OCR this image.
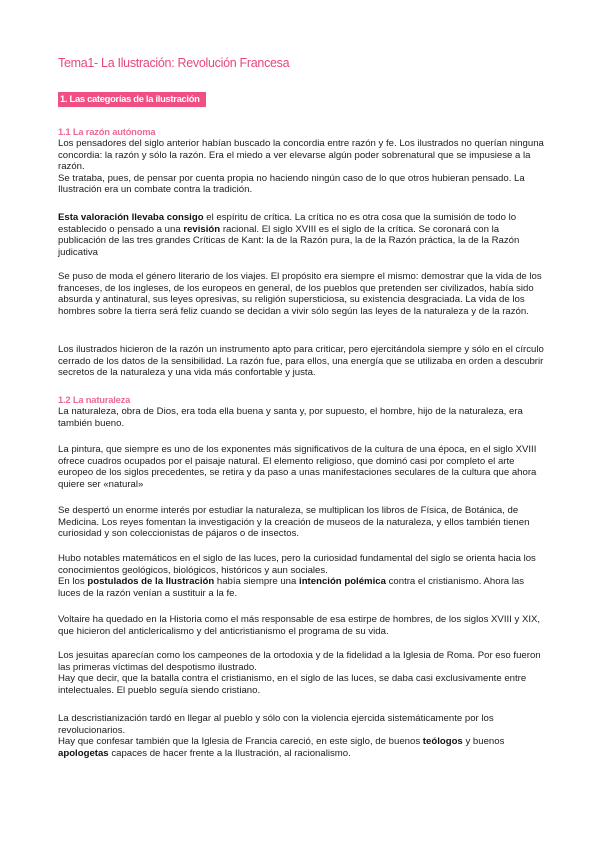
Tema1- La Ilustración: Revolución Francesa
1. Las categorías de la ilustración
1.1 La razón autónoma

Los pensadores del siglo anterior habían buscado la concordia entre razón y fe. Los ilustrados no querían ninguna concordia: la razón y sólo la razón. Era el miedo a ver elevarse algún poder sobrenatural que se impusiese a la razón.

Se trataba, pues, de pensar por cuenta propia no haciendo ningún caso de lo que otros hubieran pensado. La Ilustración era un combate contra la tradición.

Esta valoración llevaba consigo el espíritu de crítica. La crítica no es otra cosa que la sumisión de todo lo establecido o pensado a una revisión racional. El siglo XVIII es el siglo de la crítica. Se coronará con la publicación de las tres grandes Críticas de Kant: la de la Razón pura, la de la Razón práctica, la de la Razón judicativa

Se puso de moda el género literario de los viajes. El propósito era siempre el mismo: demostrar que la vida de los franceses, de los ingleses, de los europeos en general, de los pueblos que pretenden ser civilizados, había sido absurda y antinatural, sus leyes opresivas, su religión supersticiosa, su existencia desgraciada. La vida de los hombres sobre la tierra será feliz cuando se decidan a vivir sólo según las leyes de la naturaleza y de la razón.

Los ilustrados hicieron de la razón un instrumento apto para criticar, pero ejercitándola siempre y sólo en el círculo cerrado de los datos de la sensibilidad. La razón fue, para ellos, una energía que se utilizaba en orden a descubrir secretos de la naturaleza y una vida más confortable y justa.

1.2 La naturaleza

La naturaleza, obra de Dios, era toda ella buena y santa y, por supuesto, el hombre, hijo de la naturaleza, era también bueno.

La pintura, que siempre es uno de los exponentes más significativos de la cultura de una época, en el siglo XVIII ofrece cuadros ocupados por el paisaje natural. El elemento religioso, que dominó casi por completo el arte europeo de los siglos precedentes, se retira y da paso a unas manifestaciones seculares de la cultura que ahora quiere ser «natural»

Se despertó un enorme interés por estudiar la naturaleza, se multiplican los libros de Física, de Botánica, de Medicina. Los reyes fomentan la investigación y la creación de museos de la naturaleza, y ellos también tienen curiosidad y son coleccionistas de pájaros o de insectos.

Hubo notables matemáticos en el siglo de las luces, pero la curiosidad fundamental del siglo se orienta hacia los conocimientos geológicos, biológicos, históricos y aun sociales.

En los postulados de la Ilustración había siempre una intención polémica contra el cristianismo. Ahora las luces de la razón venían a sustituir a la fe.

Voltaire ha quedado en la Historia como el más responsable de esa estirpe de hombres, de los siglos XVIII y XIX, que hicieron del anticlericalismo y del anticristianismo el programa de su vida.

Los jesuitas aparecían como los campeones de la ortodoxia y de la fidelidad a la Iglesia de Roma. Por eso fueron las primeras víctimas del despotismo ilustrado.

Hay que decir, que la batalla contra el cristianismo, en el siglo de las luces, se daba casi exclusivamente entre intelectuales. El pueblo seguía siendo cristiano.

La descristianización tardó en llegar al pueblo y sólo con la violencia ejercida sistemáticamente por los revolucionarios.

Hay que confesar también que la Iglesia de Francia careció, en este siglo, de buenos teólogos y buenos apologetas capaces de hacer frente a la Ilustración, al racionalismo.
